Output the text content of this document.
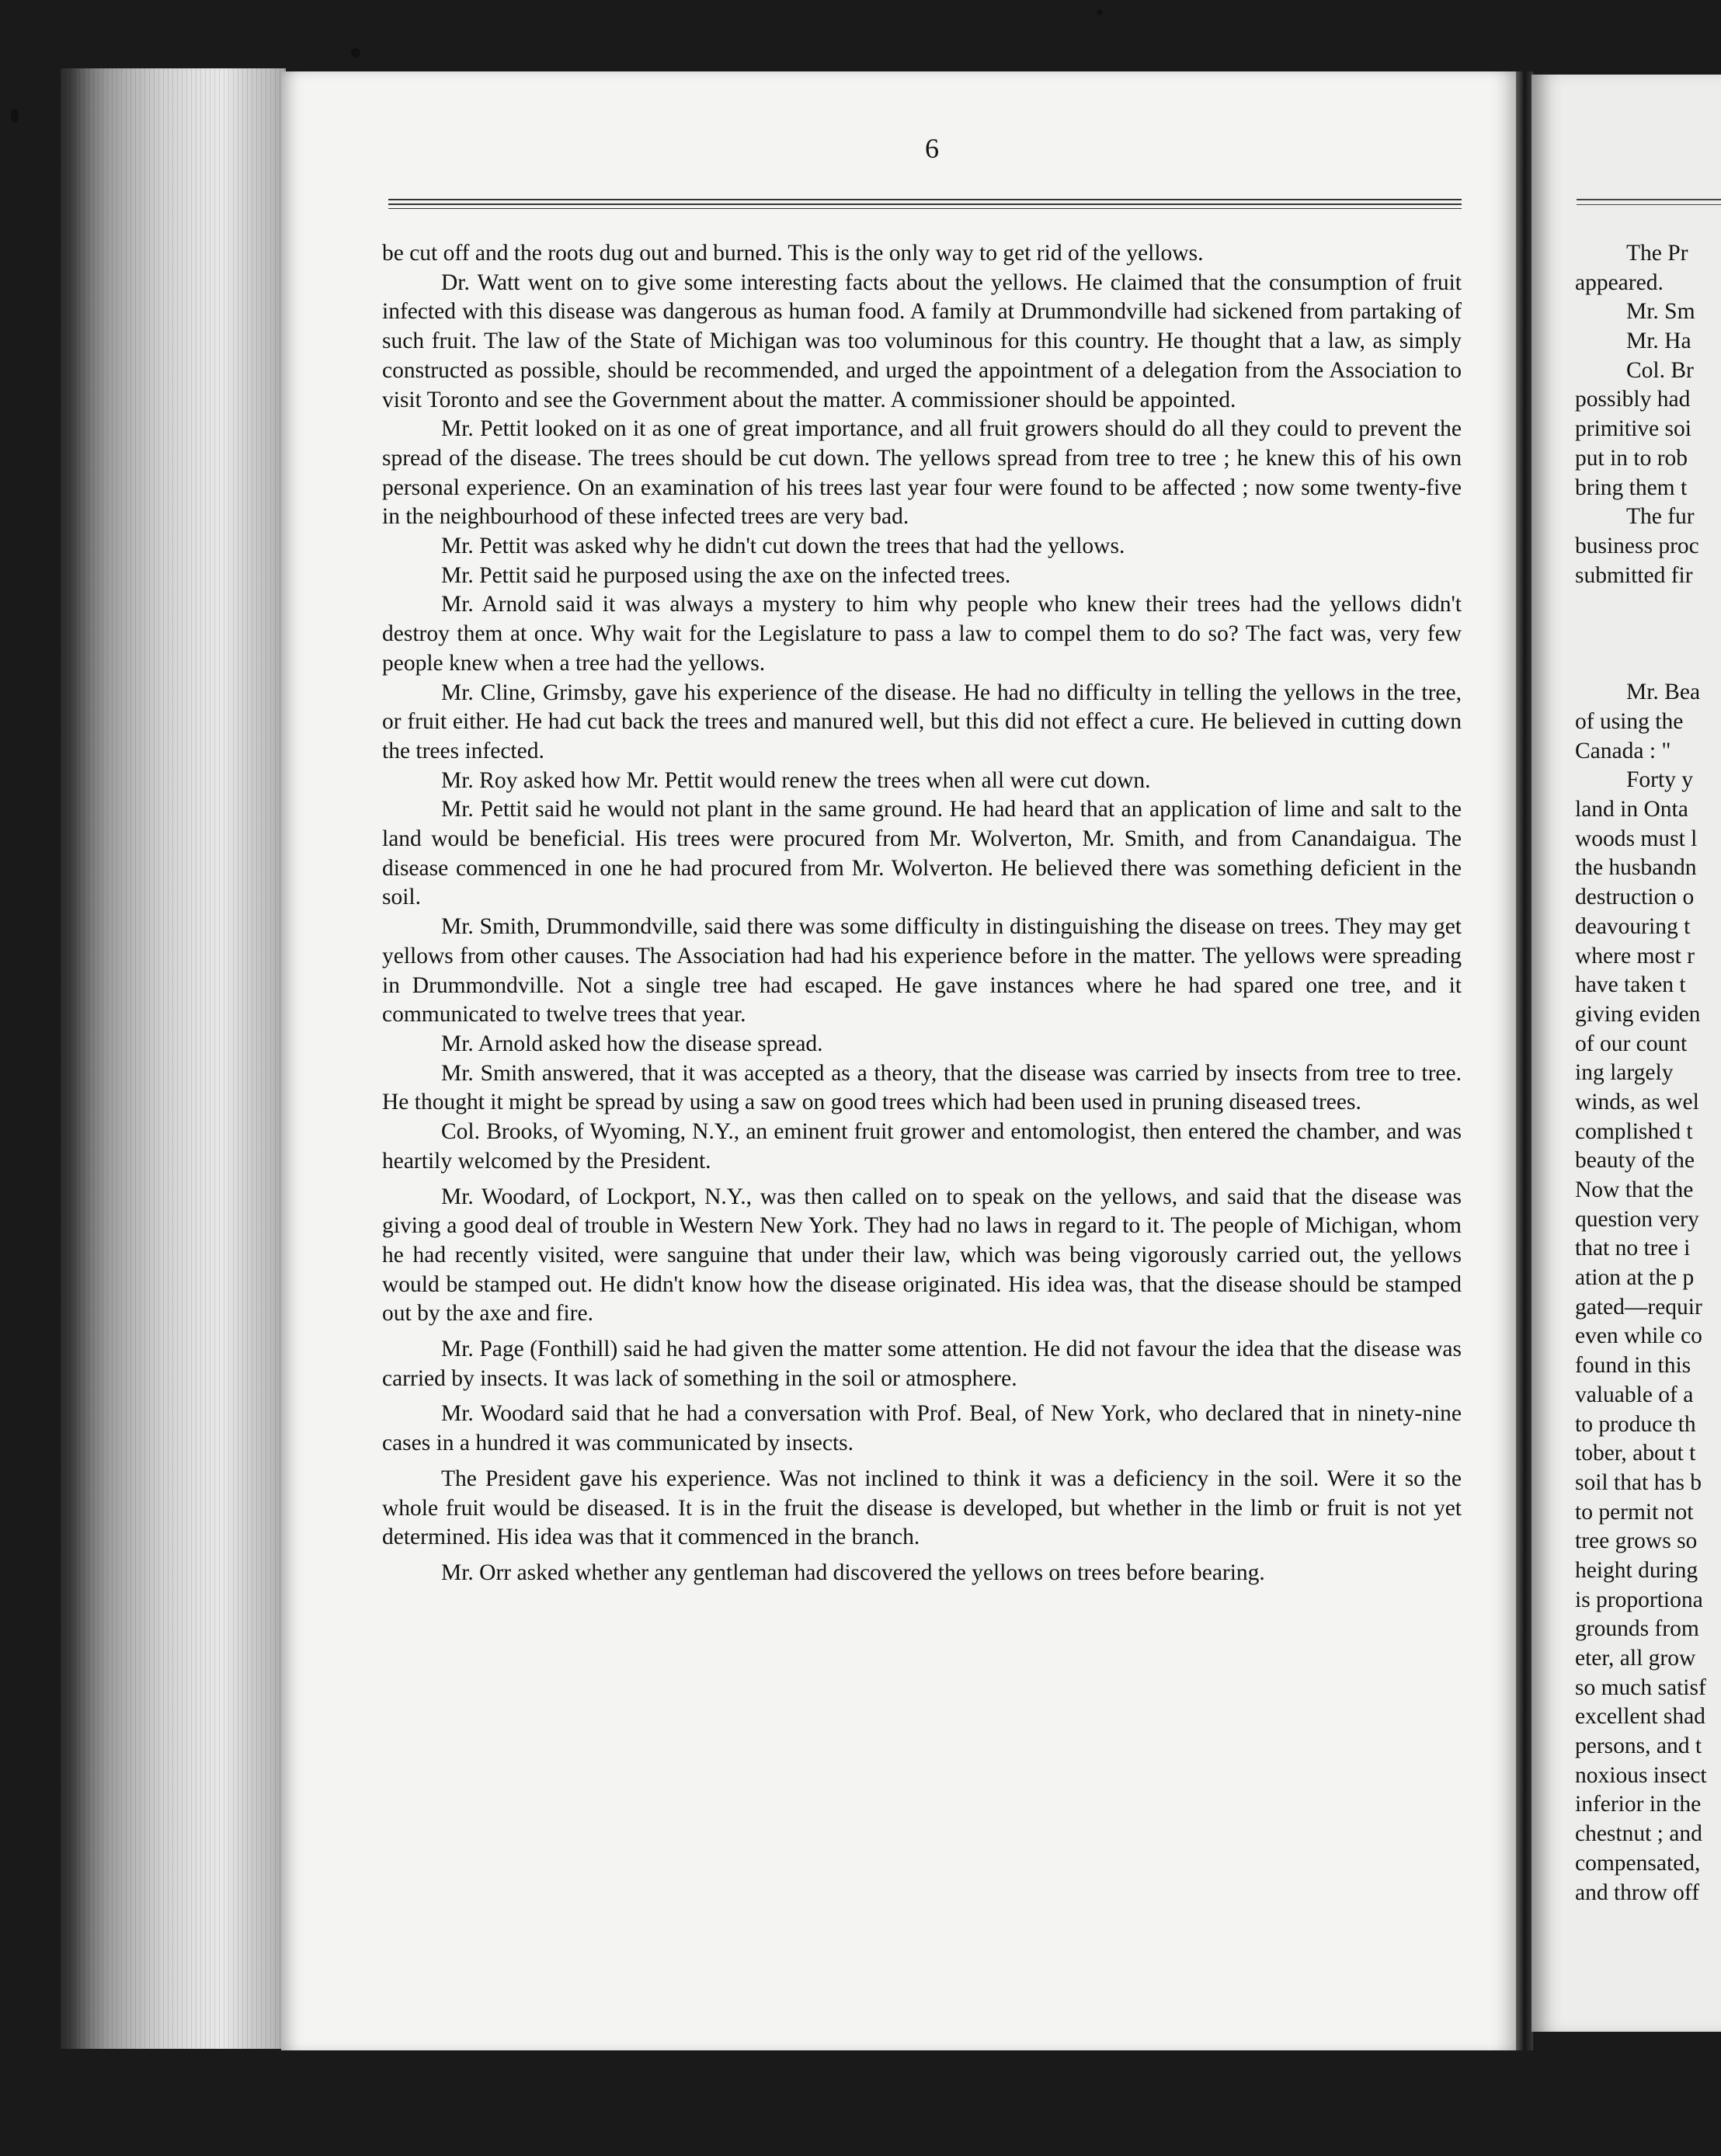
6

be cut off and the roots dug out and burned. This is the only way to get rid of the yellows.

Dr. Watt went on to give some interesting facts about the yellows. He claimed that the consumption of fruit infected with this disease was dangerous as human food. A family at Drummondville had sickened from partaking of such fruit. The law of the State of Michigan was too voluminous for this country. He thought that a law, as simply constructed as possible, should be recommended, and urged the appointment of a delegation from the Association to visit Toronto and see the Government about the matter. A commissioner should be appointed.

Mr. Pettit looked on it as one of great importance, and all fruit growers should do all they could to prevent the spread of the disease. The trees should be cut down. The yellows spread from tree to tree ; he knew this of his own personal experience. On an examination of his trees last year four were found to be affected ; now some twenty-five in the neighbourhood of these infected trees are very bad.

Mr. Pettit was asked why he didn't cut down the trees that had the yellows.

Mr. Pettit said he purposed using the axe on the infected trees.

Mr. Arnold said it was always a mystery to him why people who knew their trees had the yellows didn't destroy them at once. Why wait for the Legislature to pass a law to compel them to do so? The fact was, very few people knew when a tree had the yellows.

Mr. Cline, Grimsby, gave his experience of the disease. He had no difficulty in telling the yellows in the tree, or fruit either. He had cut back the trees and manured well, but this did not effect a cure. He believed in cutting down the trees infected.

Mr. Roy asked how Mr. Pettit would renew the trees when all were cut down.

Mr. Pettit said he would not plant in the same ground. He had heard that an application of lime and salt to the land would be beneficial. His trees were procured from Mr. Wolverton, Mr. Smith, and from Canandaigua. The disease commenced in one he had procured from Mr. Wolverton. He believed there was something deficient in the soil.

Mr. Smith, Drummondville, said there was some difficulty in distinguishing the disease on trees. They may get yellows from other causes. The Association had had his experience before in the matter. The yellows were spreading in Drummondville. Not a single tree had escaped. He gave instances where he had spared one tree, and it communicated to twelve trees that year.

Mr. Arnold asked how the disease spread.

Mr. Smith answered, that it was accepted as a theory, that the disease was carried by insects from tree to tree. He thought it might be spread by using a saw on good trees which had been used in pruning diseased trees.

Col. Brooks, of Wyoming, N.Y., an eminent fruit grower and entomologist, then entered the chamber, and was heartily welcomed by the President.

Mr. Woodard, of Lockport, N.Y., was then called on to speak on the yellows, and said that the disease was giving a good deal of trouble in Western New York. They had no laws in regard to it. The people of Michigan, whom he had recently visited, were sanguine that under their law, which was being vigorously carried out, the yellows would be stamped out. He didn't know how the disease originated. His idea was, that the disease should be stamped out by the axe and fire.

Mr. Page (Fonthill) said he had given the matter some attention. He did not favour the idea that the disease was carried by insects. It was lack of something in the soil or atmosphere.

Mr. Woodard said that he had a conversation with Prof. Beal, of New York, who declared that in ninety-nine cases in a hundred it was communicated by insects.

The President gave his experience. Was not inclined to think it was a deficiency in the soil. Were it so the whole fruit would be diseased. It is in the fruit the disease is developed, but whether in the limb or fruit is not yet determined. His idea was that it commenced in the branch.

Mr. Orr asked whether any gentleman had discovered the yellows on trees before bearing.

The Pr
appeared.
Mr. Sm
Mr. Ha
Col. Br
possibly had
primitive soi
put in to rob
bring them t
The fur
business proc
submitted fir
Mr. Bea
of using the
Canada : "
Forty y
land in Onta
woods must l
the husbandn
destruction o
deavouring t
where most r
have taken t
giving eviden
of our count
ing largely
winds, as wel
complished t
beauty of the
Now that the
question very
that no tree i
ation at the p
gated—requir
even while co
found in this
valuable of a
to produce th
tober, about t
soil that has b
to permit not
tree grows so
height during
is proportiona
grounds from
eter, all grow
so much satisf
excellent shad
persons, and t
noxious insect
inferior in the
chestnut ; and
compensated,
and throw off
